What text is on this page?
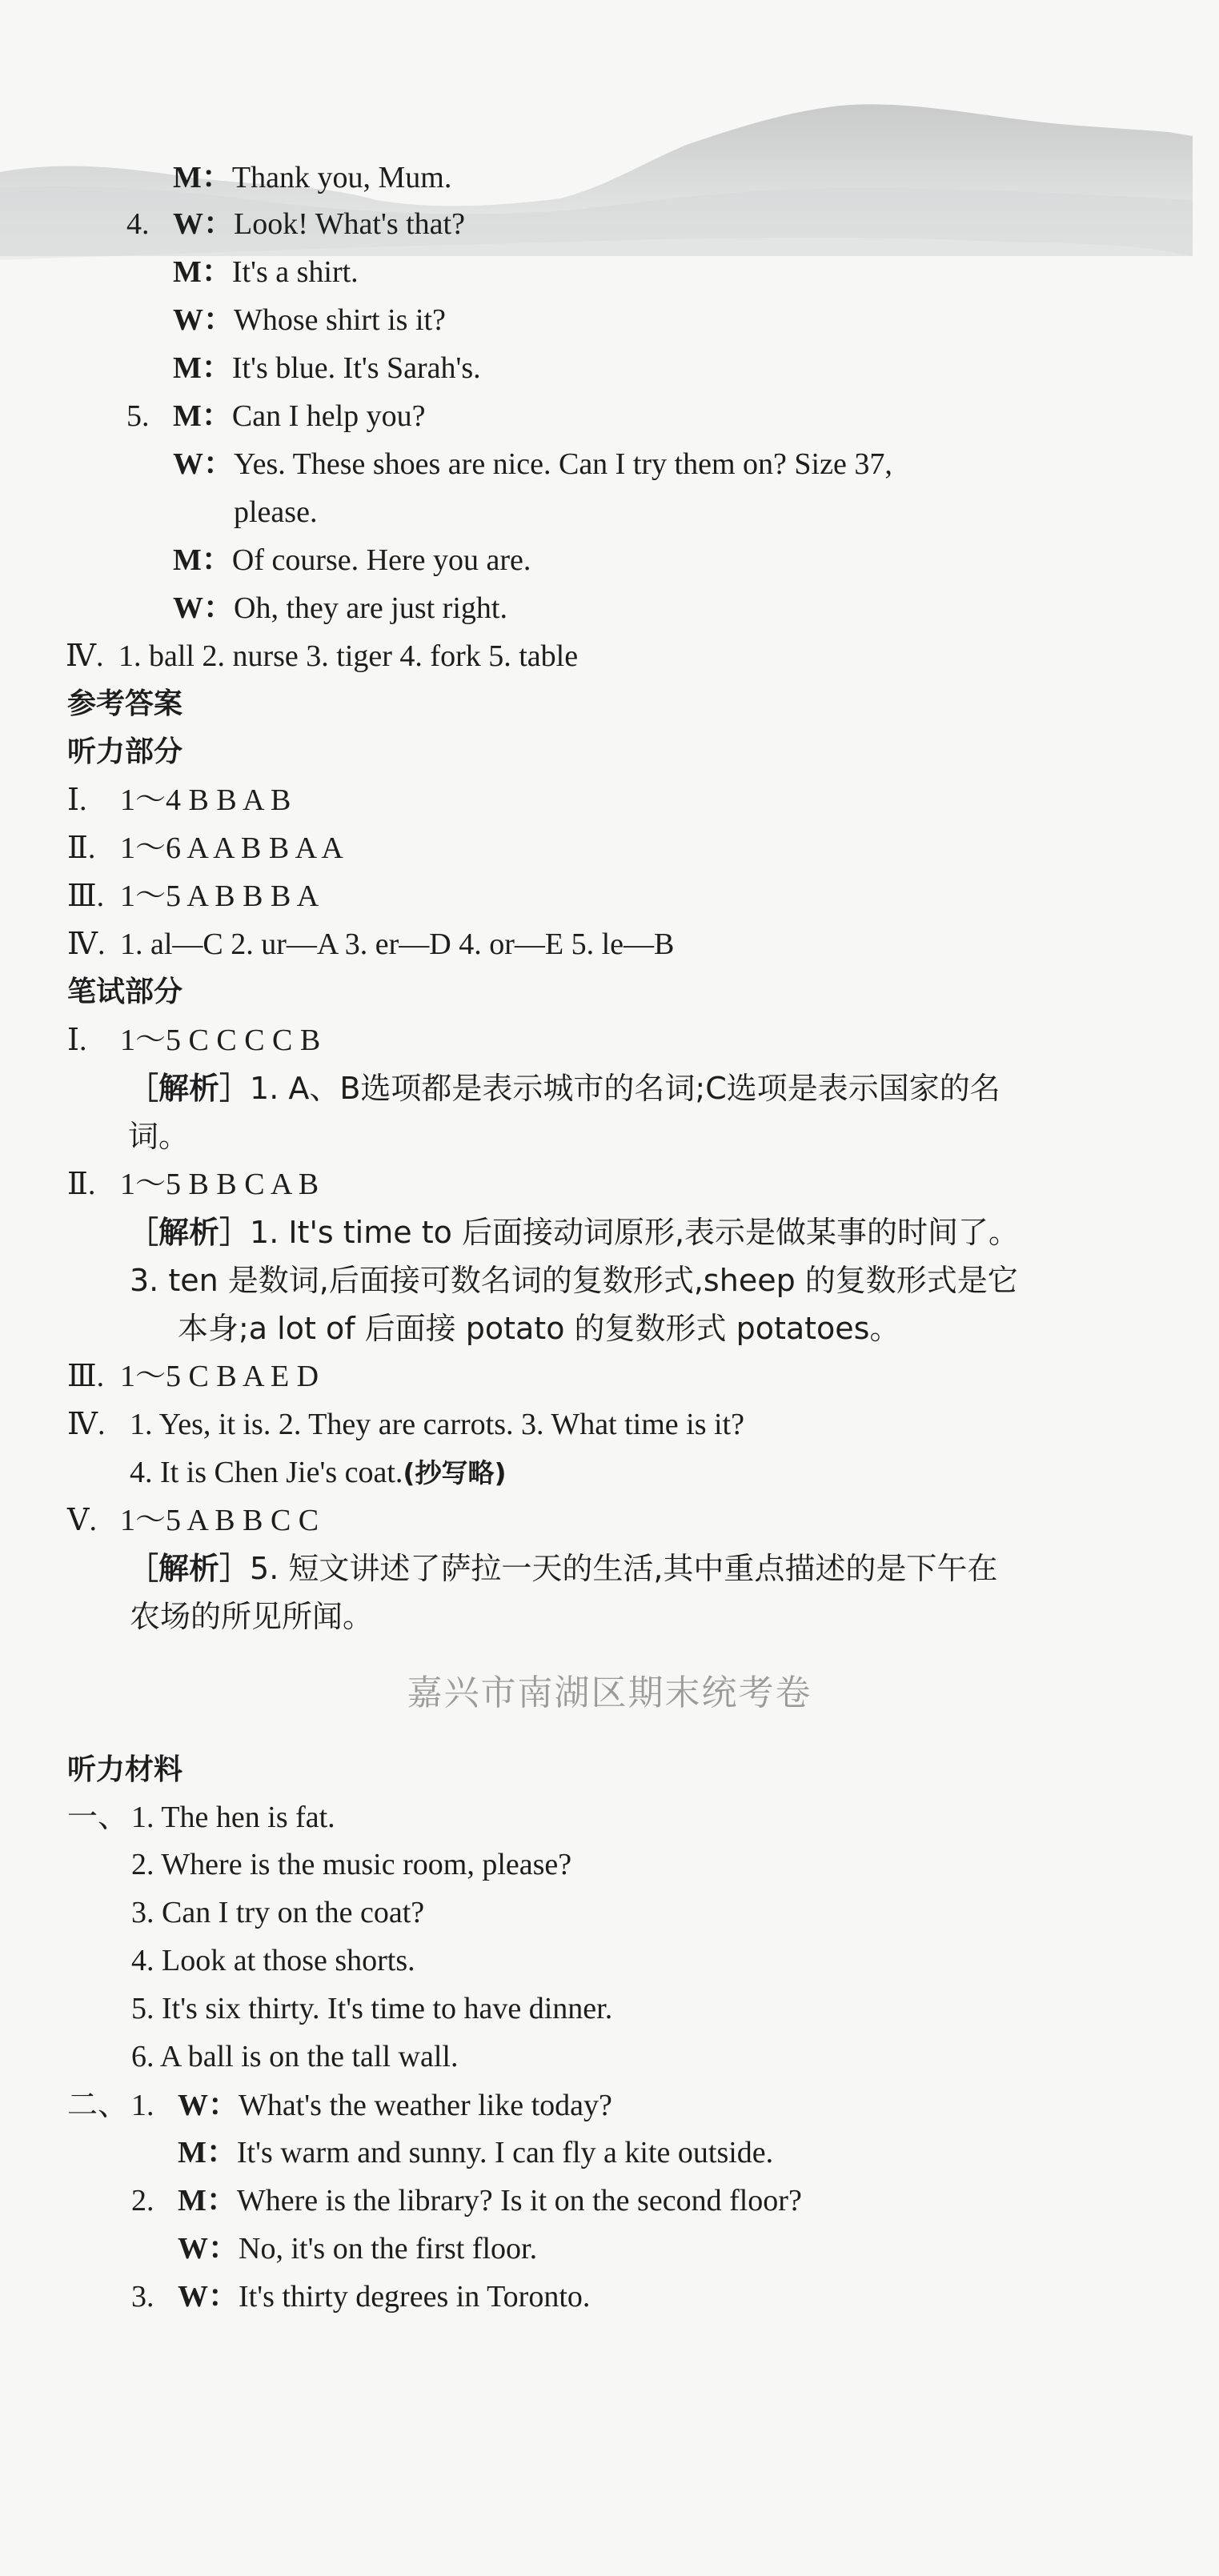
M：Thank you, Mum.
4. W：Look! What's that?
M：It's a shirt.
W：Whose shirt is it?
M：It's blue. It's Sarah's.
5. M：Can I help you?
W：Yes. These shoes are nice. Can I try them on? Size 37,
please.
M：Of course. Here you are.
W：Oh, they are just right.
Ⅳ. 1. ball 2. nurse 3. tiger 4. fork 5. table
参考答案
听力部分
Ⅰ. 1～4 B B A B
Ⅱ. 1～6 A A B B A A
Ⅲ. 1～5 A B B B A
Ⅳ. 1. al—C 2. ur—A 3. er—D 4. or—E 5. le—B
笔试部分
Ⅰ. 1～5 C C C C B
［解析］1. A、B选项都是表示城市的名词;C选项是表示国家的名
词。
Ⅱ. 1～5 B B C A B
［解析］1. It's time to 后面接动词原形,表示是做某事的时间了。
3. ten 是数词,后面接可数名词的复数形式,sheep 的复数形式是它
本身;a lot of 后面接 potato 的复数形式 potatoes。
Ⅲ. 1～5 C B A E D
Ⅳ. 1. Yes, it is. 2. They are carrots. 3. What time is it?
4. It is Chen Jie's coat.(抄写略)
Ⅴ. 1～5 A B B C C
［解析］5. 短文讲述了萨拉一天的生活,其中重点描述的是下午在
农场的所见所闻。
嘉兴市南湖区期末统考卷
听力材料
一、 1. The hen is fat.
2. Where is the music room, please?
3. Can I try on the coat?
4. Look at those shorts.
5. It's six thirty. It's time to have dinner.
6. A ball is on the tall wall.
二、 1. W：What's the weather like today?
M：It's warm and sunny. I can fly a kite outside.
2. M：Where is the library? Is it on the second floor?
W：No, it's on the first floor.
3. W：It's thirty degrees in Toronto.
